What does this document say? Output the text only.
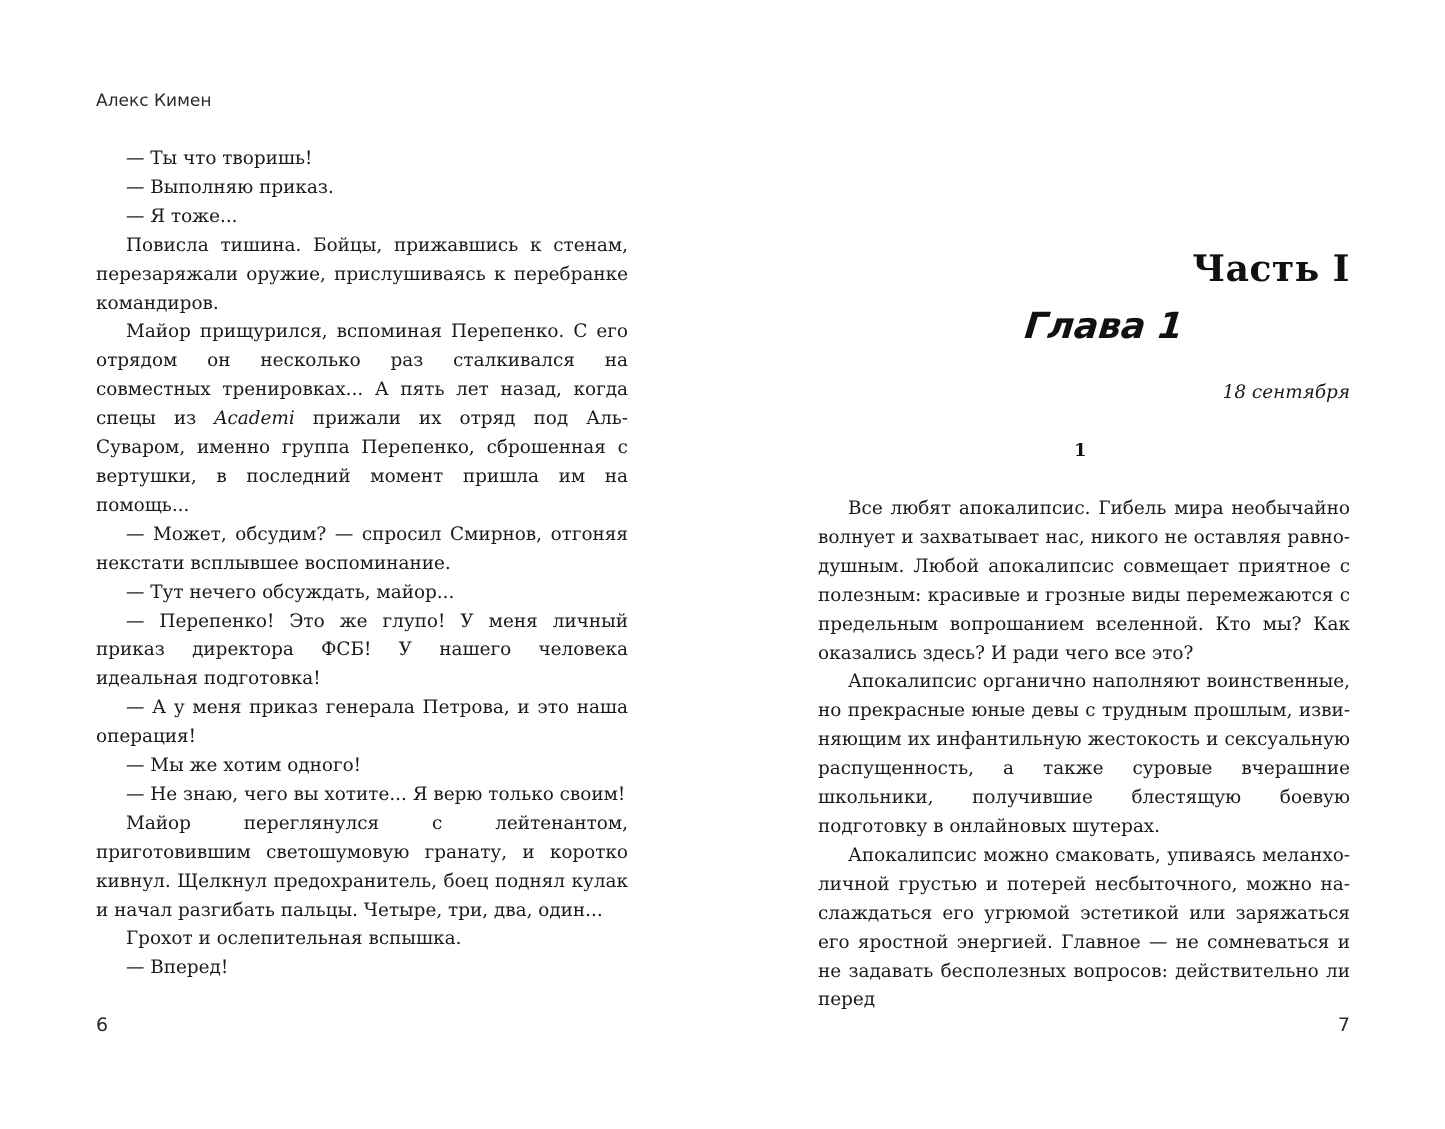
Алекс Кимен

— Ты что творишь!

— Выполняю приказ.

— Я тоже...

Повисла тишина. Бойцы, прижавшись к стенам, перезаряжали оружие, прислушиваясь к перебранке командиров.

Майор прищурился, вспоминая Перепенко. С его отрядом он несколько раз сталкивался на совместных тренировках... А пять лет назад, когда спецы из Academi прижали их отряд под Аль-Суваром, именно группа Перепенко, сброшенная с вертушки, в последний момент пришла им на помощь...

— Может, обсудим? — спросил Смирнов, отгоняя некстати всплывшее воспоминание.

— Тут нечего обсуждать, майор...

— Перепенко! Это же глупо! У меня личный приказ директора ФСБ! У нашего человека идеальная подготовка!

— А у меня приказ генерала Петрова, и это наша операция!

— Мы же хотим одного!

— Не знаю, чего вы хотите... Я верю только своим!

Майор переглянулся с лейтенантом, приготовившим светошумовую гранату, и коротко кивнул. Щелкнул предохранитель, боец поднял кулак и начал разгибать пальцы. Четыре, три, два, один...

Грохот и ослепительная вспышка.

— Вперед!

6

Часть I
Глава 1

18 сентября

1

Все любят апокалипсис. Гибель мира необычайно волнует и захватывает нас, никого не оставляя равнодушным. Любой апокалипсис совмещает приятное с полезным: красивые и грозные виды перемежаются с предельным вопрошанием вселенной. Кто мы? Как оказались здесь? И ради чего все это?

Апокалипсис органично наполняют воинственные, но прекрасные юные девы с трудным прошлым, извиняющим их инфантильную жестокость и сексуальную распущенность, а также суровые вчерашние школьники, получившие блестящую боевую подготовку в онлайновых шутерах.

Апокалипсис можно смаковать, упиваясь меланхоличной грустью и потерей несбыточного, можно наслаждаться его угрюмой эстетикой или заряжаться его яростной энергией. Главное — не сомневаться и не задавать бесполезных вопросов: действительно ли перед

7
